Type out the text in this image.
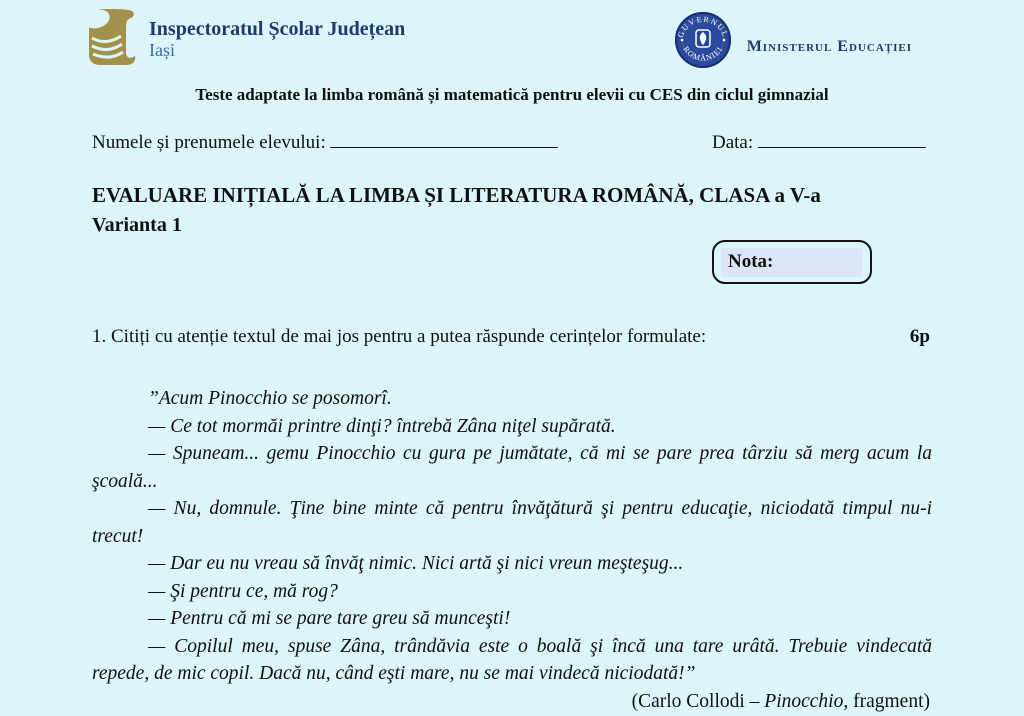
Inspectoratul Școlar Județean
Iași
GUVERNUL
ROMÂNIEI Ministerul Educației
Teste adaptate la limba română și matematică pentru elevii cu CES din ciclul gimnazial
Numele și prenumele elevului:	Data:
EVALUARE INIȚIALĂ LA LIMBA ȘI LITERATURA ROMÂNĂ, CLASA a V-a
Varianta 1
Nota:
1. Citiți cu atenție textul de mai jos pentru a putea răspunde cerințelor formulate:	6p

”Acum Pinocchio se posomorî.

— Ce tot mormăi printre dinţi? întrebă Zâna niţel supărată.

— Spuneam... gemu Pinocchio cu gura pe jumătate, că mi se pare prea târziu să merg acum la şcoală...

— Nu, domnule. Ţine bine minte că pentru învăţătură şi pentru educaţie, niciodată timpul nu-i trecut!

— Dar eu nu vreau să învăţ nimic. Nici artă şi nici vreun meşteşug...

— Şi pentru ce, mă rog?

— Pentru că mi se pare tare greu să munceşti!

— Copilul meu, spuse Zâna, trândăvia este o boală şi încă una tare urâtă. Trebuie vindecată repede, de mic copil. Dacă nu, când eşti mare, nu se mai vindecă niciodată!”

(Carlo Collodi – Pinocchio, fragment)
